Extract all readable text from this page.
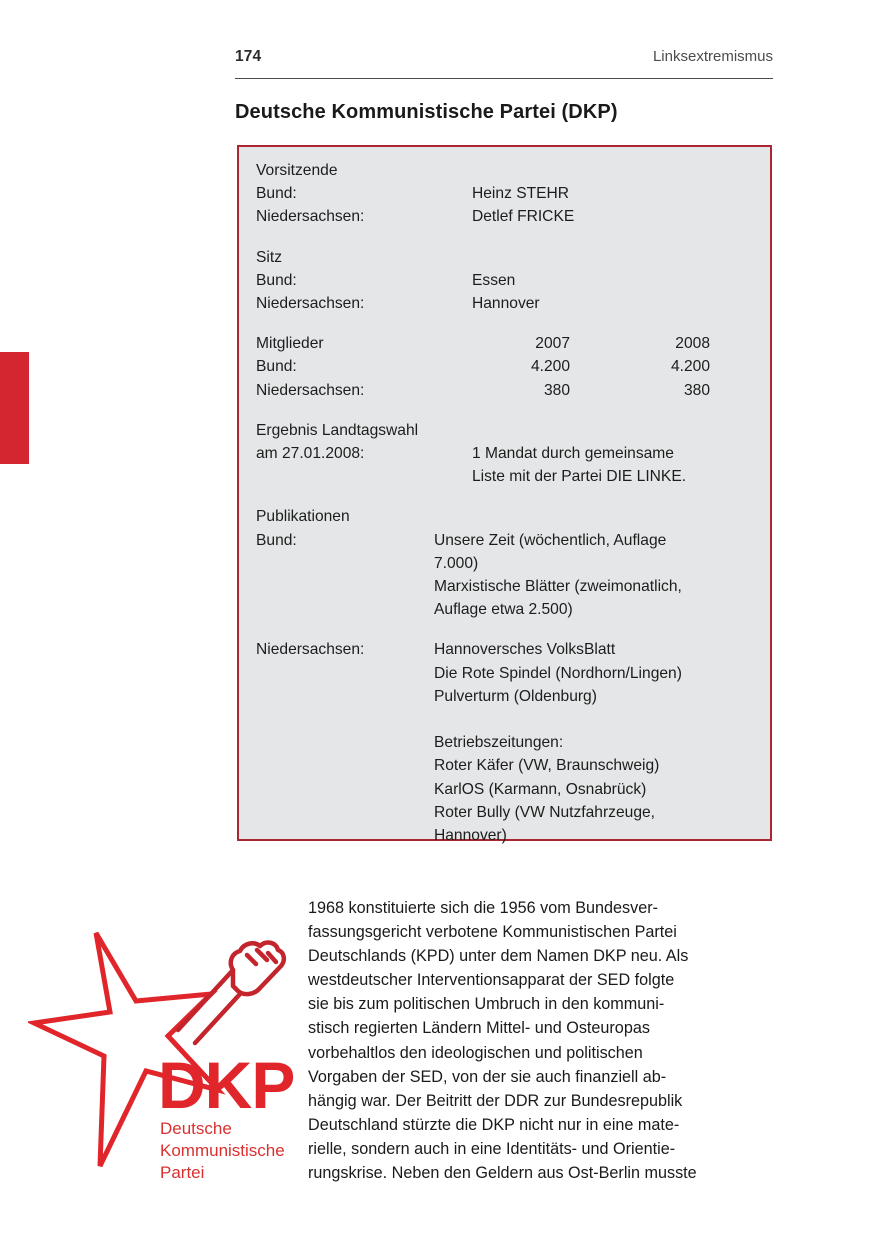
174	Linksextremismus
Deutsche Kommunistische Partei (DKP)
Vorsitzende
Bund:	Heinz STEHR
Niedersachsen:	Detlef FRICKE
Sitz
Bund:	Essen
Niedersachsen:	Hannover
Mitglieder	2007	2008
Bund:	4.200	4.200
Niedersachsen:	380	380
Ergebnis Landtagswahl
am 27.01.2008:	1 Mandat durch gemeinsame
Liste mit der Partei DIE LINKE.
Publikationen
Bund:	Unsere Zeit (wöchentlich, Auflage
7.000)
Marxistische Blätter (zweimonatlich,
Auflage etwa 2.500)
Niedersachsen:	Hannoversches VolksBlatt
Die Rote Spindel (Nordhorn/Lingen)
Pulverturm (Oldenburg)
Betriebszeitungen:
Roter Käfer (VW, Braunschweig)
KarlOS (Karmann, Osnabrück)
Roter Bully (VW Nutzfahrzeuge,
Hannover)
DKP
Deutsche
Kommunistische
Partei
1968 konstituierte sich die 1956 vom Bundesver-
fassungsgericht verbotene Kommunistischen Partei
Deutschlands (KPD) unter dem Namen DKP neu. Als
westdeutscher Interventionsapparat der SED folgte
sie bis zum politischen Umbruch in den kommuni-
stisch regierten Ländern Mittel- und Osteuropas
vorbehaltlos den ideologischen und politischen
Vorgaben der SED, von der sie auch finanziell ab-
hängig war. Der Beitritt der DDR zur Bundesrepublik
Deutschland stürzte die DKP nicht nur in eine mate-
rielle, sondern auch in eine Identitäts- und Orientie-
rungskrise. Neben den Geldern aus Ost-Berlin musste
